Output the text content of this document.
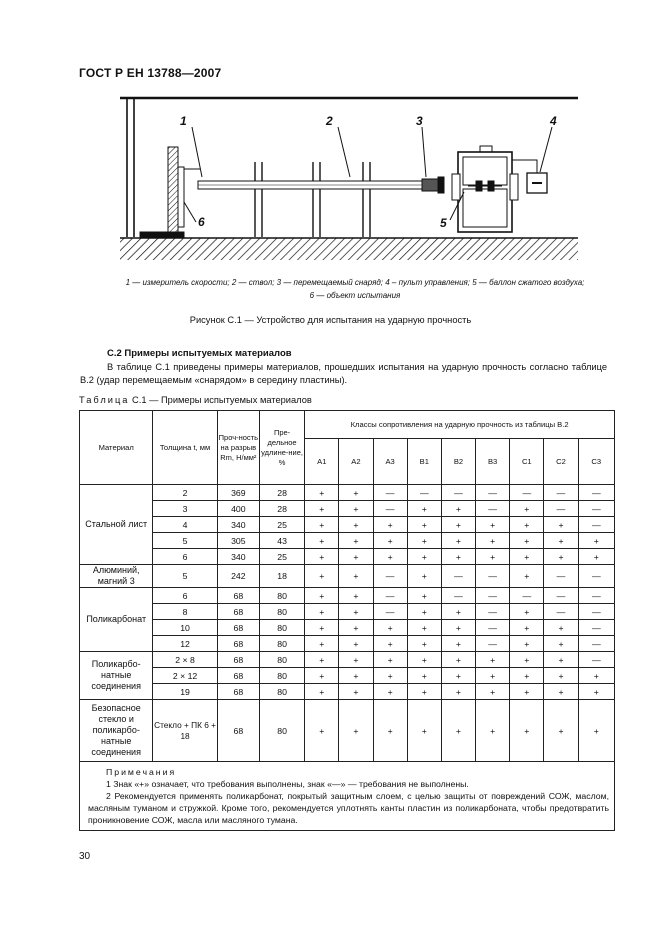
ГОСТ Р ЕН 13788—2007
1	2	3	4
5
6
1 — измеритель скорости; 2 — ствол; 3 — перемещаемый снаряд; 4 – пульт управления; 5 — баллон сжатого воздуха;
6 — объект испытания
Рисунок С.1 — Устройство для испытания на ударную прочность
С.2 Примеры испытуемых материалов
В таблице С.1 приведены примеры материалов, прошедших испытания на ударную прочность согласно таблице В.2 (удар перемещаемым «снарядом» в середину пластины).
Таблица С.1 — Примеры испытуемых материалов
Материал	Толщина t, мм	Проч-ность на разрыв Rm, Н/мм²	Пре-дельное удлине-ние, %	Классы сопротивления на ударную прочность из таблицы В.2								
				A1	A2	A3	B1	B2	B3	C1	C2	C3
Стальной лист	2	369	28	+	+	—	—	—	—	—	—	—
	3	400	28	+	+	—	+	+	—	+	—	—
	4	340	25	+	+	+	+	+	+	+	+	—
	5	305	43	+	+	+	+	+	+	+	+	+
	6	340	25	+	+	+	+	+	+	+	+	+
Алюминий, магний 3	5	242	18	+	+	—	+	—	—	+	—	—
Поликарбонат	6	68	80	+	+	—	+	—	—	—	—	—
	8	68	80	+	+	—	+	+	—	+	—	—
	10	68	80	+	+	+	+	+	—	+	+	—
	12	68	80	+	+	+	+	+	—	+	+	—
Поликарбо-натные соединения	2 × 8	68	80	+	+	+	+	+	+	+	+	—
	2 × 12	68	80	+	+	+	+	+	+	+	+	+
	19	68	80	+	+	+	+	+	+	+	+	+
Безопасное стекло и поликарбо-натные соединения	Стекло + ПК 6 + 18	68	80	+	+	+	+	+	+	+	+	+

Примечания

1 Знак «+» означает, что требования выполнены, знак «—» — требования не выполнены.

2 Рекомендуется применять поликарбонат, покрытый защитным слоем, с целью защиты от повреждений СОЖ, маслом, масляным туманом и стружкой. Кроме того, рекомендуется уплотнять канты пластин из поликарбоната, чтобы предотвратить проникновение СОЖ, масла или масляного тумана.												

30
